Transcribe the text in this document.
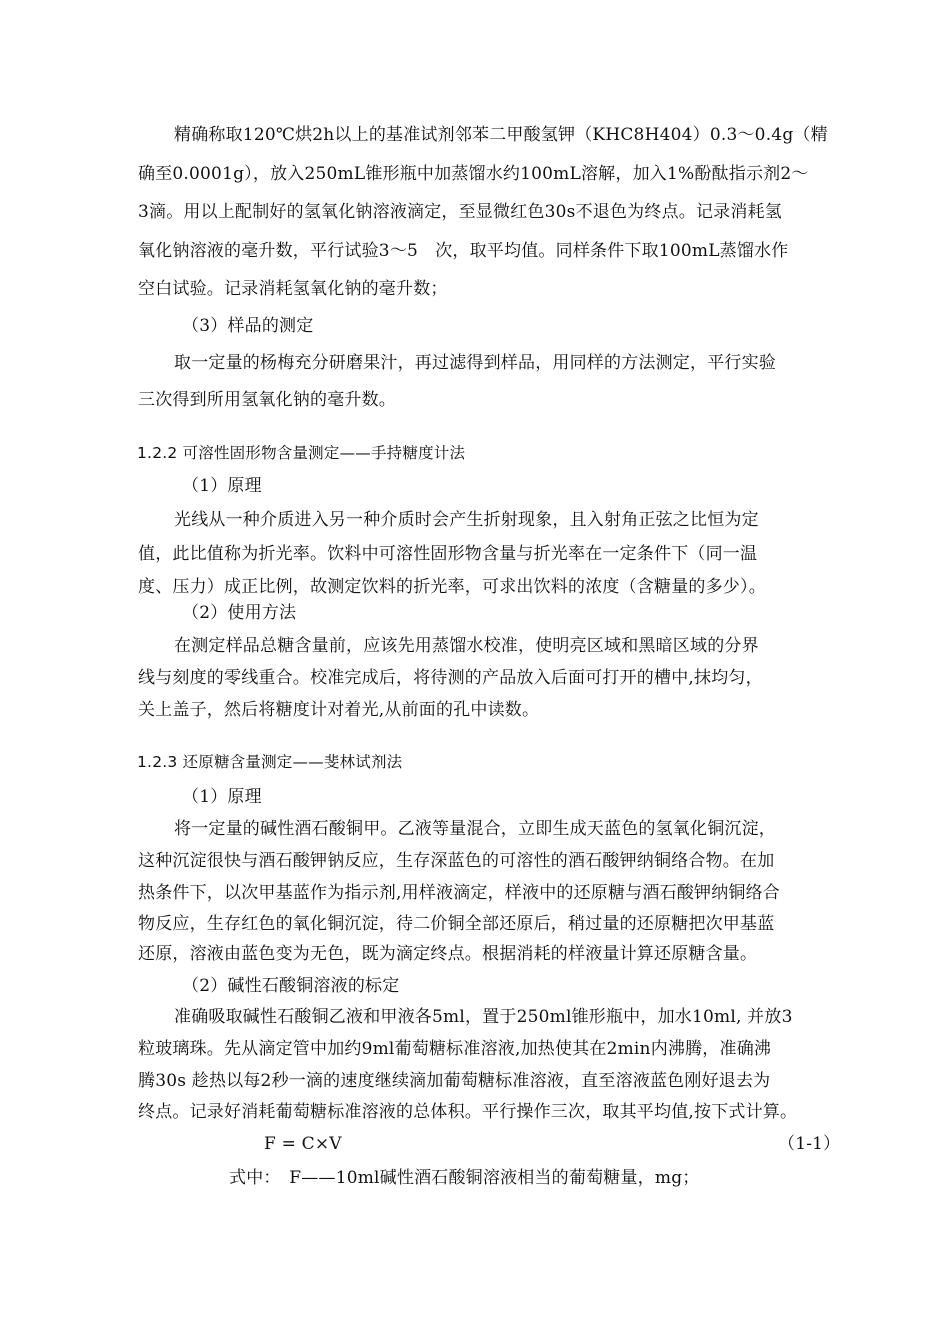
精确称取120℃烘2h以上的基准试剂邻苯二甲酸氢钾（KHC8H404）0.3～0.4g（精
确至0.0001g），放入250mL锥形瓶中加蒸馏水约100mL溶解，加入1%酚酞指示剂2～
3滴。用以上配制好的氢氧化钠溶液滴定，至显微红色30s不退色为终点。记录消耗氢
氧化钠溶液的毫升数，平行试验3～5　次，取平均值。同样条件下取100mL蒸馏水作
空白试验。记录消耗氢氧化钠的毫升数；
（3）样品的测定
取一定量的杨梅充分研磨果汁，再过滤得到样品，用同样的方法测定，平行实验
三次得到所用氢氧化钠的毫升数。
1.2.2 可溶性固形物含量测定——手持糖度计法
（1）原理
光线从一种介质进入另一种介质时会产生折射现象，且入射角正弦之比恒为定
值，此比值称为折光率。饮料中可溶性固形物含量与折光率在一定条件下（同一温
度、压力）成正比例，故测定饮料的折光率，可求出饮料的浓度（含糖量的多少）。
（2）使用方法
在测定样品总糖含量前，应该先用蒸馏水校准，使明亮区域和黑暗区域的分界
线与刻度的零线重合。校准完成后，将待测的产品放入后面可打开的槽中,抹均匀，
关上盖子，然后将糖度计对着光,从前面的孔中读数。
1.2.3 还原糖含量测定——斐林试剂法
（1）原理
将一定量的碱性酒石酸铜甲。乙液等量混合，立即生成天蓝色的氢氧化铜沉淀，
这种沉淀很快与酒石酸钾钠反应，生存深蓝色的可溶性的酒石酸钾纳铜络合物。在加
热条件下，以次甲基蓝作为指示剂,用样液滴定，样液中的还原糖与酒石酸钾纳铜络合
物反应，生存红色的氧化铜沉淀，待二价铜全部还原后，稍过量的还原糖把次甲基蓝
还原，溶液由蓝色变为无色，既为滴定终点。根据消耗的样液量计算还原糖含量。
（2）碱性石酸铜溶液的标定
准确吸取碱性石酸铜乙液和甲液各5ml，置于250ml锥形瓶中，加水10ml, 并放3
粒玻璃珠。先从滴定管中加约9ml葡萄糖标准溶液,加热使其在2min内沸腾，准确沸
腾30s 趁热以每2秒一滴的速度继续滴加葡萄糖标准溶液，直至溶液蓝色刚好退去为
终点。记录好消耗葡萄糖标准溶液的总体积。平行操作三次，取其平均值,按下式计算。
F = C×V	（1-1）
式中：　F——10ml碱性酒石酸铜溶液相当的葡萄糖量，mg；
